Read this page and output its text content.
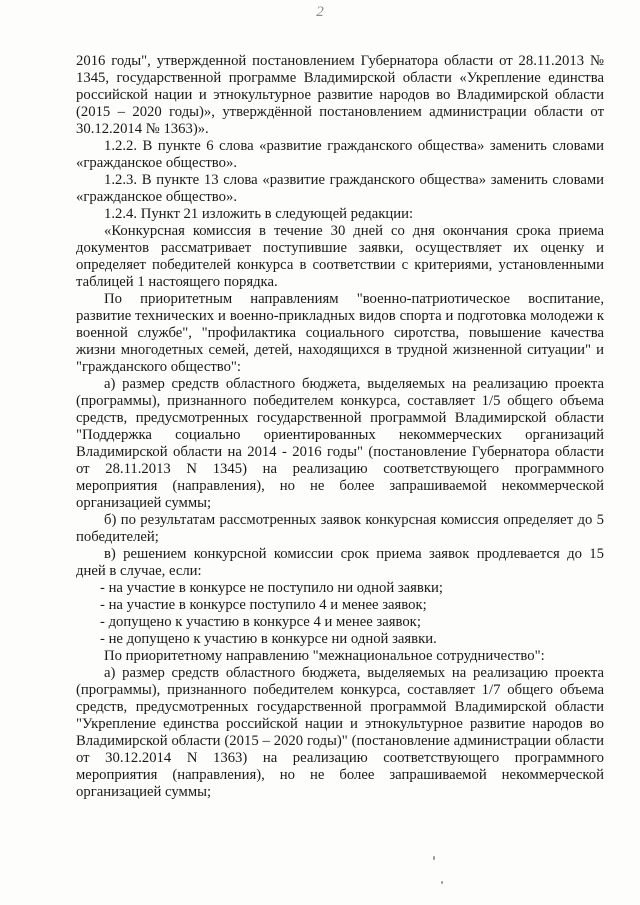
2

2016 годы", утвержденной постановлением Губернатора области от 28.11.2013 № 1345, государственной программе Владимирской области «Укрепление единства российской нации и этнокультурное развитие народов во Владимирской области (2015 – 2020 годы)», утверждённой постановлением администрации области от 30.12.2014 № 1363)».

1.2.2. В пункте 6 слова «развитие гражданского общества» заменить словами «гражданское общество».

1.2.3. В пункте 13 слова «развитие гражданского общества» заменить словами «гражданское общество».

1.2.4. Пункт 21 изложить в следующей редакции:

«Конкурсная комиссия в течение 30 дней со дня окончания срока приема документов рассматривает поступившие заявки, осуществляет их оценку и определяет победителей конкурса в соответствии с критериями, установленными таблицей 1 настоящего порядка.

По приоритетным направлениям "военно-патриотическое воспитание, развитие технических и военно-прикладных видов спорта и подготовка молодежи к военной службе", "профилактика социального сиротства, повышение качества жизни многодетных семей, детей, находящихся в трудной жизненной ситуации" и "гражданского общество":

а) размер средств областного бюджета, выделяемых на реализацию проекта (программы), признанного победителем конкурса, составляет 1/5 общего объема средств, предусмотренных государственной программой Владимирской области "Поддержка социально ориентированных некоммерческих организаций Владимирской области на 2014 - 2016 годы" (постановление Губернатора области от 28.11.2013 N 1345) на реализацию соответствующего программного мероприятия (направления), но не более запрашиваемой некоммерческой организацией суммы;

б) по результатам рассмотренных заявок конкурсная комиссия определяет до 5 победителей;

в) решением конкурсной комиссии срок приема заявок продлевается до 15 дней в случае, если:

- на участие в конкурсе не поступило ни одной заявки;

- на участие в конкурсе поступило 4 и менее заявок;

- допущено к участию в конкурсе 4 и менее заявок;

- не допущено к участию в конкурсе ни одной заявки.

По приоритетному направлению "межнациональное сотрудничество":

а) размер средств областного бюджета, выделяемых на реализацию проекта (программы), признанного победителем конкурса, составляет 1/7 общего объема средств, предусмотренных государственной программой Владимирской области "Укрепление единства российской нации и этнокультурное развитие народов во Владимирской области (2015 – 2020 годы)" (постановление администрации области от 30.12.2014 N 1363) на реализацию соответствующего программного мероприятия (направления), но не более запрашиваемой некоммерческой организацией суммы;
